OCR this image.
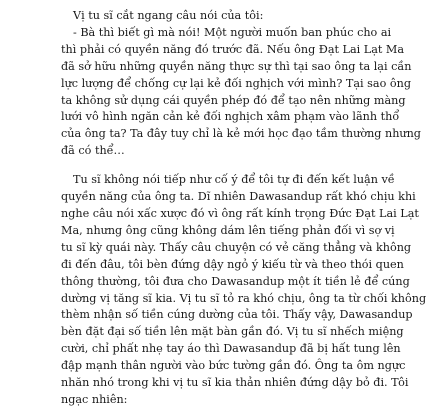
Vị tu sĩ cắt ngang câu nói của tôi:
- Bà thì biết gì mà nói! Một người muốn ban phúc cho ai
thì phải có quyền năng đó trước đã. Nếu ông Đạt Lai Lạt Ma
đã sở hữu những quyền năng thực sự thì tại sao ông ta lại cần
lực lượng để chống cự lại kẻ đối nghịch với mình? Tại sao ông
ta không sử dụng cái quyền phép đó để tạo nên những màng
lưới vô hình ngăn cản kẻ đối nghịch xâm phạm vào lãnh thổ
của ông ta? Ta đây tuy chỉ là kẻ mới học đạo tầm thường nhưng
đã có thể…
Tu sĩ không nói tiếp như cố ý để tôi tự đi đến kết luận về
quyền năng của ông ta. Dĩ nhiên Dawasandup rất khó chịu khi
nghe câu nói xấc xược đó vì ông rất kính trọng Đức Đạt Lai Lạt
Ma, nhưng ông cũng không dám lên tiếng phản đối vì sợ vị
tu sĩ kỳ quái này. Thấy câu chuyện có vẻ căng thẳng và không
đi đến đâu, tôi bèn đứng dậy ngỏ ý kiếu từ và theo thói quen
thông thường, tôi đưa cho Dawasandup một ít tiền lẻ để cúng
dường vị tăng sĩ kia. Vị tu sĩ tỏ ra khó chịu, ông ta từ chối không
thèm nhận số tiền cúng dường của tôi. Thấy vậy, Dawasandup
bèn đặt đại số tiền lên mặt bàn gần đó. Vị tu sĩ nhếch miệng
cười, chỉ phất nhẹ tay áo thì Dawasandup đã bị hất tung lên
đập mạnh thân người vào bức tường gần đó. Ông ta ôm ngực
nhăn nhó trong khi vị tu sĩ kia thản nhiên đứng dậy bỏ đi. Tôi
ngạc nhiên:
